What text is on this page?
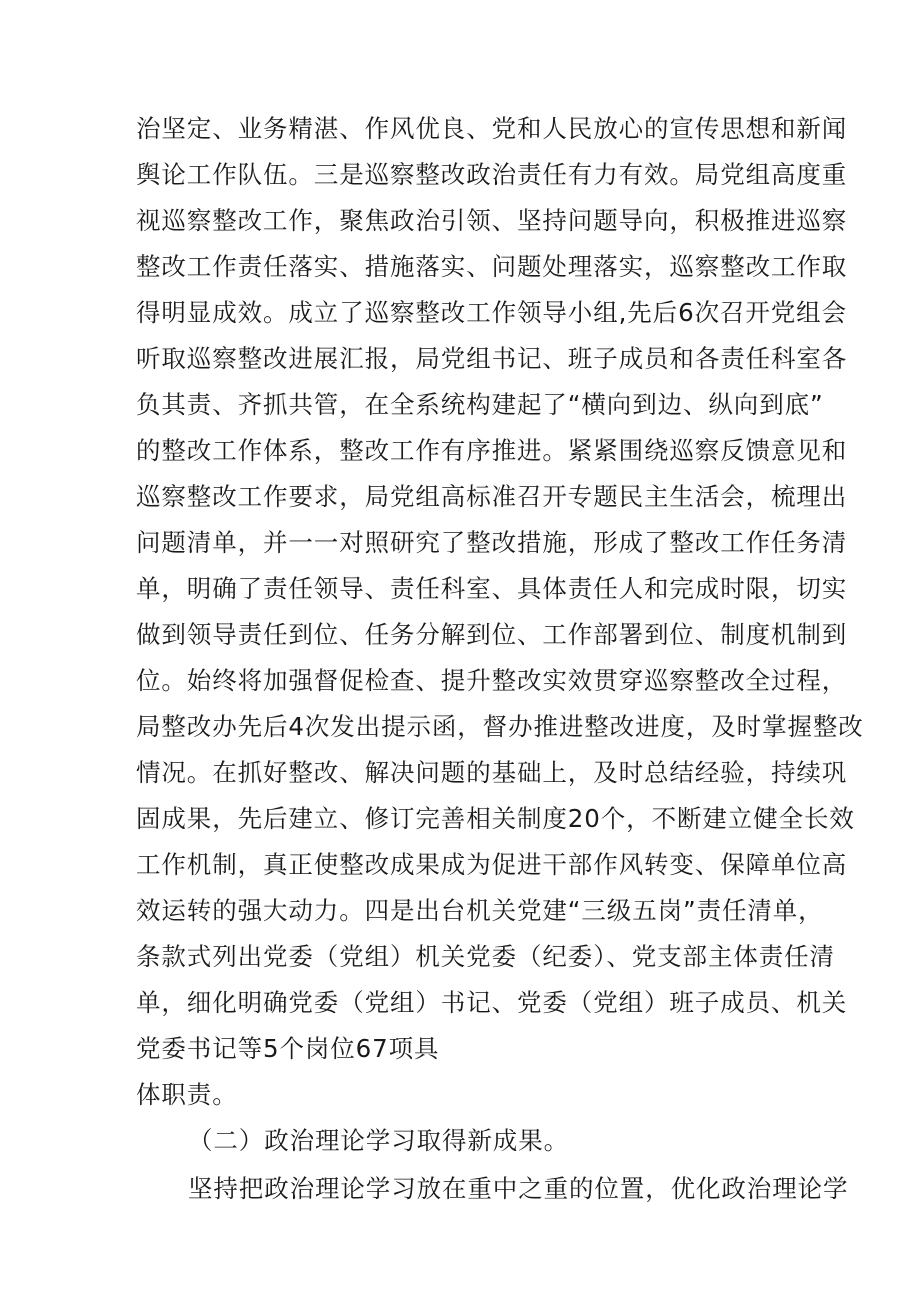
治坚定、业务精湛、作风优良、党和人民放心的宣传思想和新闻
舆论工作队伍。三是巡察整改政治责任有力有效。局党组高度重
视巡察整改工作，聚焦政治引领、坚持问题导向，积极推进巡察
整改工作责任落实、措施落实、问题处理落实，巡察整改工作取
得明显成效。成立了巡察整改工作领导小组,先后6次召开党组会
听取巡察整改进展汇报，局党组书记、班子成员和各责任科室各
负其责、齐抓共管，在全系统构建起了“横向到边、纵向到底”
的整改工作体系，整改工作有序推进。紧紧围绕巡察反馈意见和
巡察整改工作要求，局党组高标准召开专题民主生活会，梳理出
问题清单，并一一对照研究了整改措施，形成了整改工作任务清
单，明确了责任领导、责任科室、具体责任人和完成时限，切实
做到领导责任到位、任务分解到位、工作部署到位、制度机制到
位。始终将加强督促检查、提升整改实效贯穿巡察整改全过程，
局整改办先后4次发出提示函，督办推进整改进度，及时掌握整改
情况。在抓好整改、解决问题的基础上，及时总结经验，持续巩
固成果，先后建立、修订完善相关制度20个，不断建立健全长效
工作机制，真正使整改成果成为促进干部作风转变、保障单位高
效运转的强大动力。四是出台机关党建“三级五岗”责任清单，
条款式列出党委（党组）机关党委（纪委）、党支部主体责任清
单，细化明确党委（党组）书记、党委（党组）班子成员、机关
党委书记等5个岗位67项具
体职责。
（二）政治理论学习取得新成果。
坚持把政治理论学习放在重中之重的位置，优化政治理论学
